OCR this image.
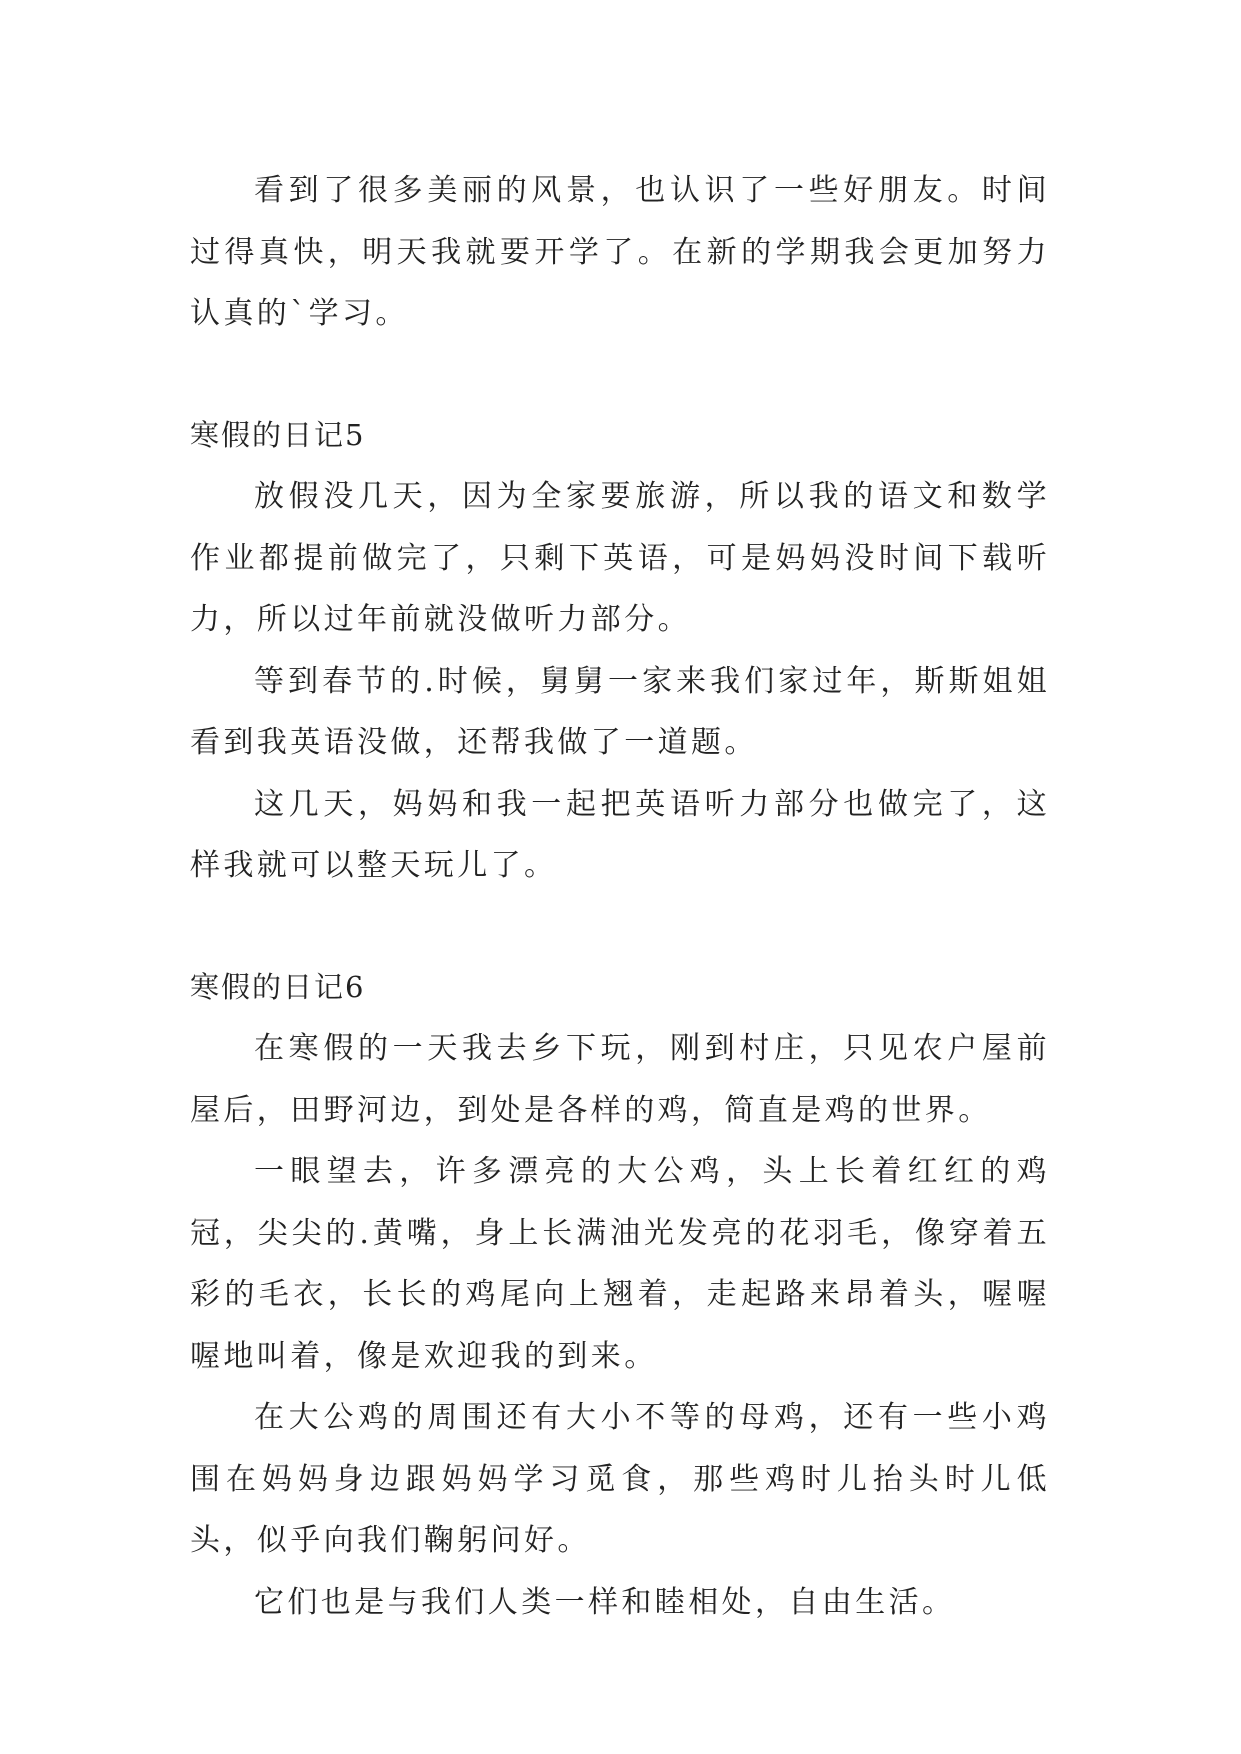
看到了很多美丽的风景，也认识了一些好朋友。时间过得真快，明天我就要开学了。在新的学期我会更加努力认真的`学习。

寒假的日记5

放假没几天，因为全家要旅游，所以我的语文和数学作业都提前做完了，只剩下英语，可是妈妈没时间下载听力，所以过年前就没做听力部分。

等到春节的.时候，舅舅一家来我们家过年，斯斯姐姐看到我英语没做，还帮我做了一道题。

这几天，妈妈和我一起把英语听力部分也做完了，这样我就可以整天玩儿了。

寒假的日记6

在寒假的一天我去乡下玩，刚到村庄，只见农户屋前屋后，田野河边，到处是各样的鸡，简直是鸡的世界。

一眼望去，许多漂亮的大公鸡，头上长着红红的鸡冠，尖尖的.黄嘴，身上长满油光发亮的花羽毛，像穿着五彩的毛衣，长长的鸡尾向上翘着，走起路来昂着头，喔喔喔地叫着，像是欢迎我的到来。

在大公鸡的周围还有大小不等的母鸡，还有一些小鸡围在妈妈身边跟妈妈学习觅食，那些鸡时儿抬头时儿低头，似乎向我们鞠躬问好。

它们也是与我们人类一样和睦相处，自由生活。
